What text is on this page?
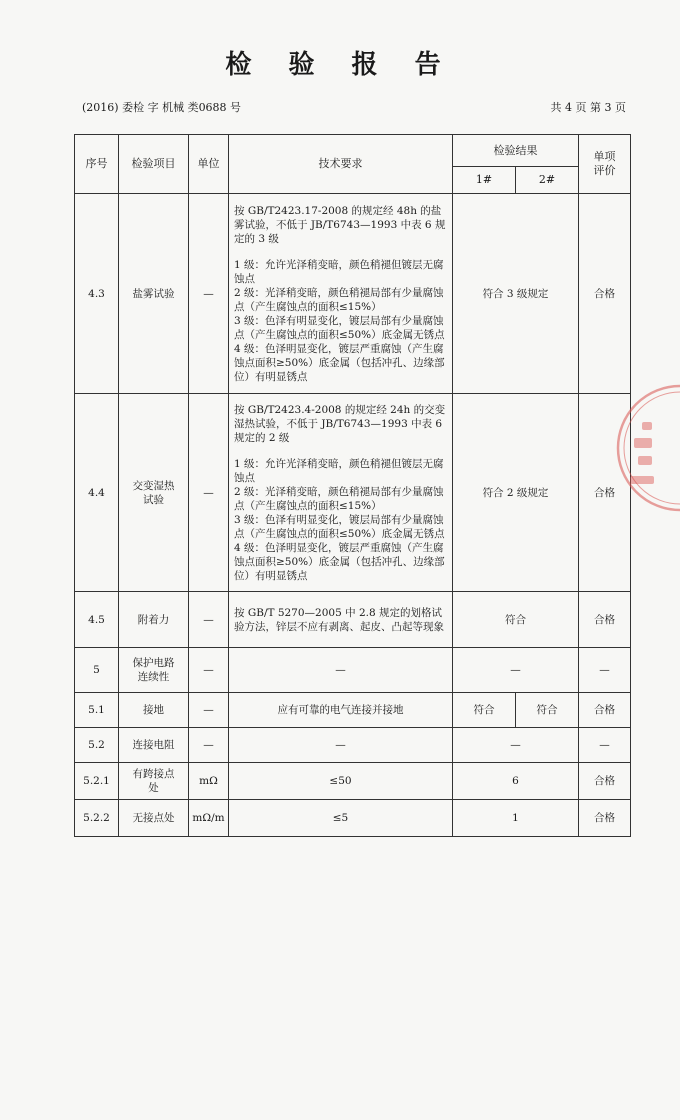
检 验 报 告
(2016) 委检 字 机械 类0688 号	共 4 页 第 3 页
序号	检验项目	单位	技术要求	检验结果		单项评价
				1#	2#	
4.3	盐雾试验	—	按 GB/T2423.17-2008 的规定经 48h 的盐雾试验，不低于 JB/T6743—1993 中表 6 规定的 3 级

1 级：允许光泽稍变暗，颜色稍褪但镀层无腐蚀点

2 级：光泽稍变暗，颜色稍褪局部有少量腐蚀点（产生腐蚀点的面积≤15%）

3 级：色泽有明显变化，镀层局部有少量腐蚀点（产生腐蚀点的面积≤50%）底金属无锈点

4 级：色泽明显变化，镀层严重腐蚀（产生腐蚀点面积≥50%）底金属（包括冲孔、边缘部位）有明显锈点	符合 3 级规定		合格
4.4	交变湿热试验	—	按 GB/T2423.4-2008 的规定经 24h 的交变湿热试验，不低于 JB/T6743—1993 中表 6 规定的 2 级

1 级：允许光泽稍变暗，颜色稍褪但镀层无腐蚀点

2 级：光泽稍变暗，颜色稍褪局部有少量腐蚀点（产生腐蚀点的面积≤15%）

3 级：色泽有明显变化，镀层局部有少量腐蚀点（产生腐蚀点的面积≤50%）底金属无锈点

4 级：色泽明显变化，镀层严重腐蚀（产生腐蚀点面积≥50%）底金属（包括冲孔、边缘部位）有明显锈点	符合 2 级规定		合格
4.5	附着力	—	按 GB/T 5270—2005 中 2.8 规定的划格试验方法，锌层不应有剥离、起皮、凸起等现象	符合		合格
5	保护电路连续性	—	—	—		—
5.1	接地	—	应有可靠的电气连接并接地	符合	符合	合格
5.2	连接电阻	—	—	—		—
5.2.1	有跨接点处	mΩ	≤50	6		合格
5.2.2	无接点处	mΩ/m	≤5	1		合格
